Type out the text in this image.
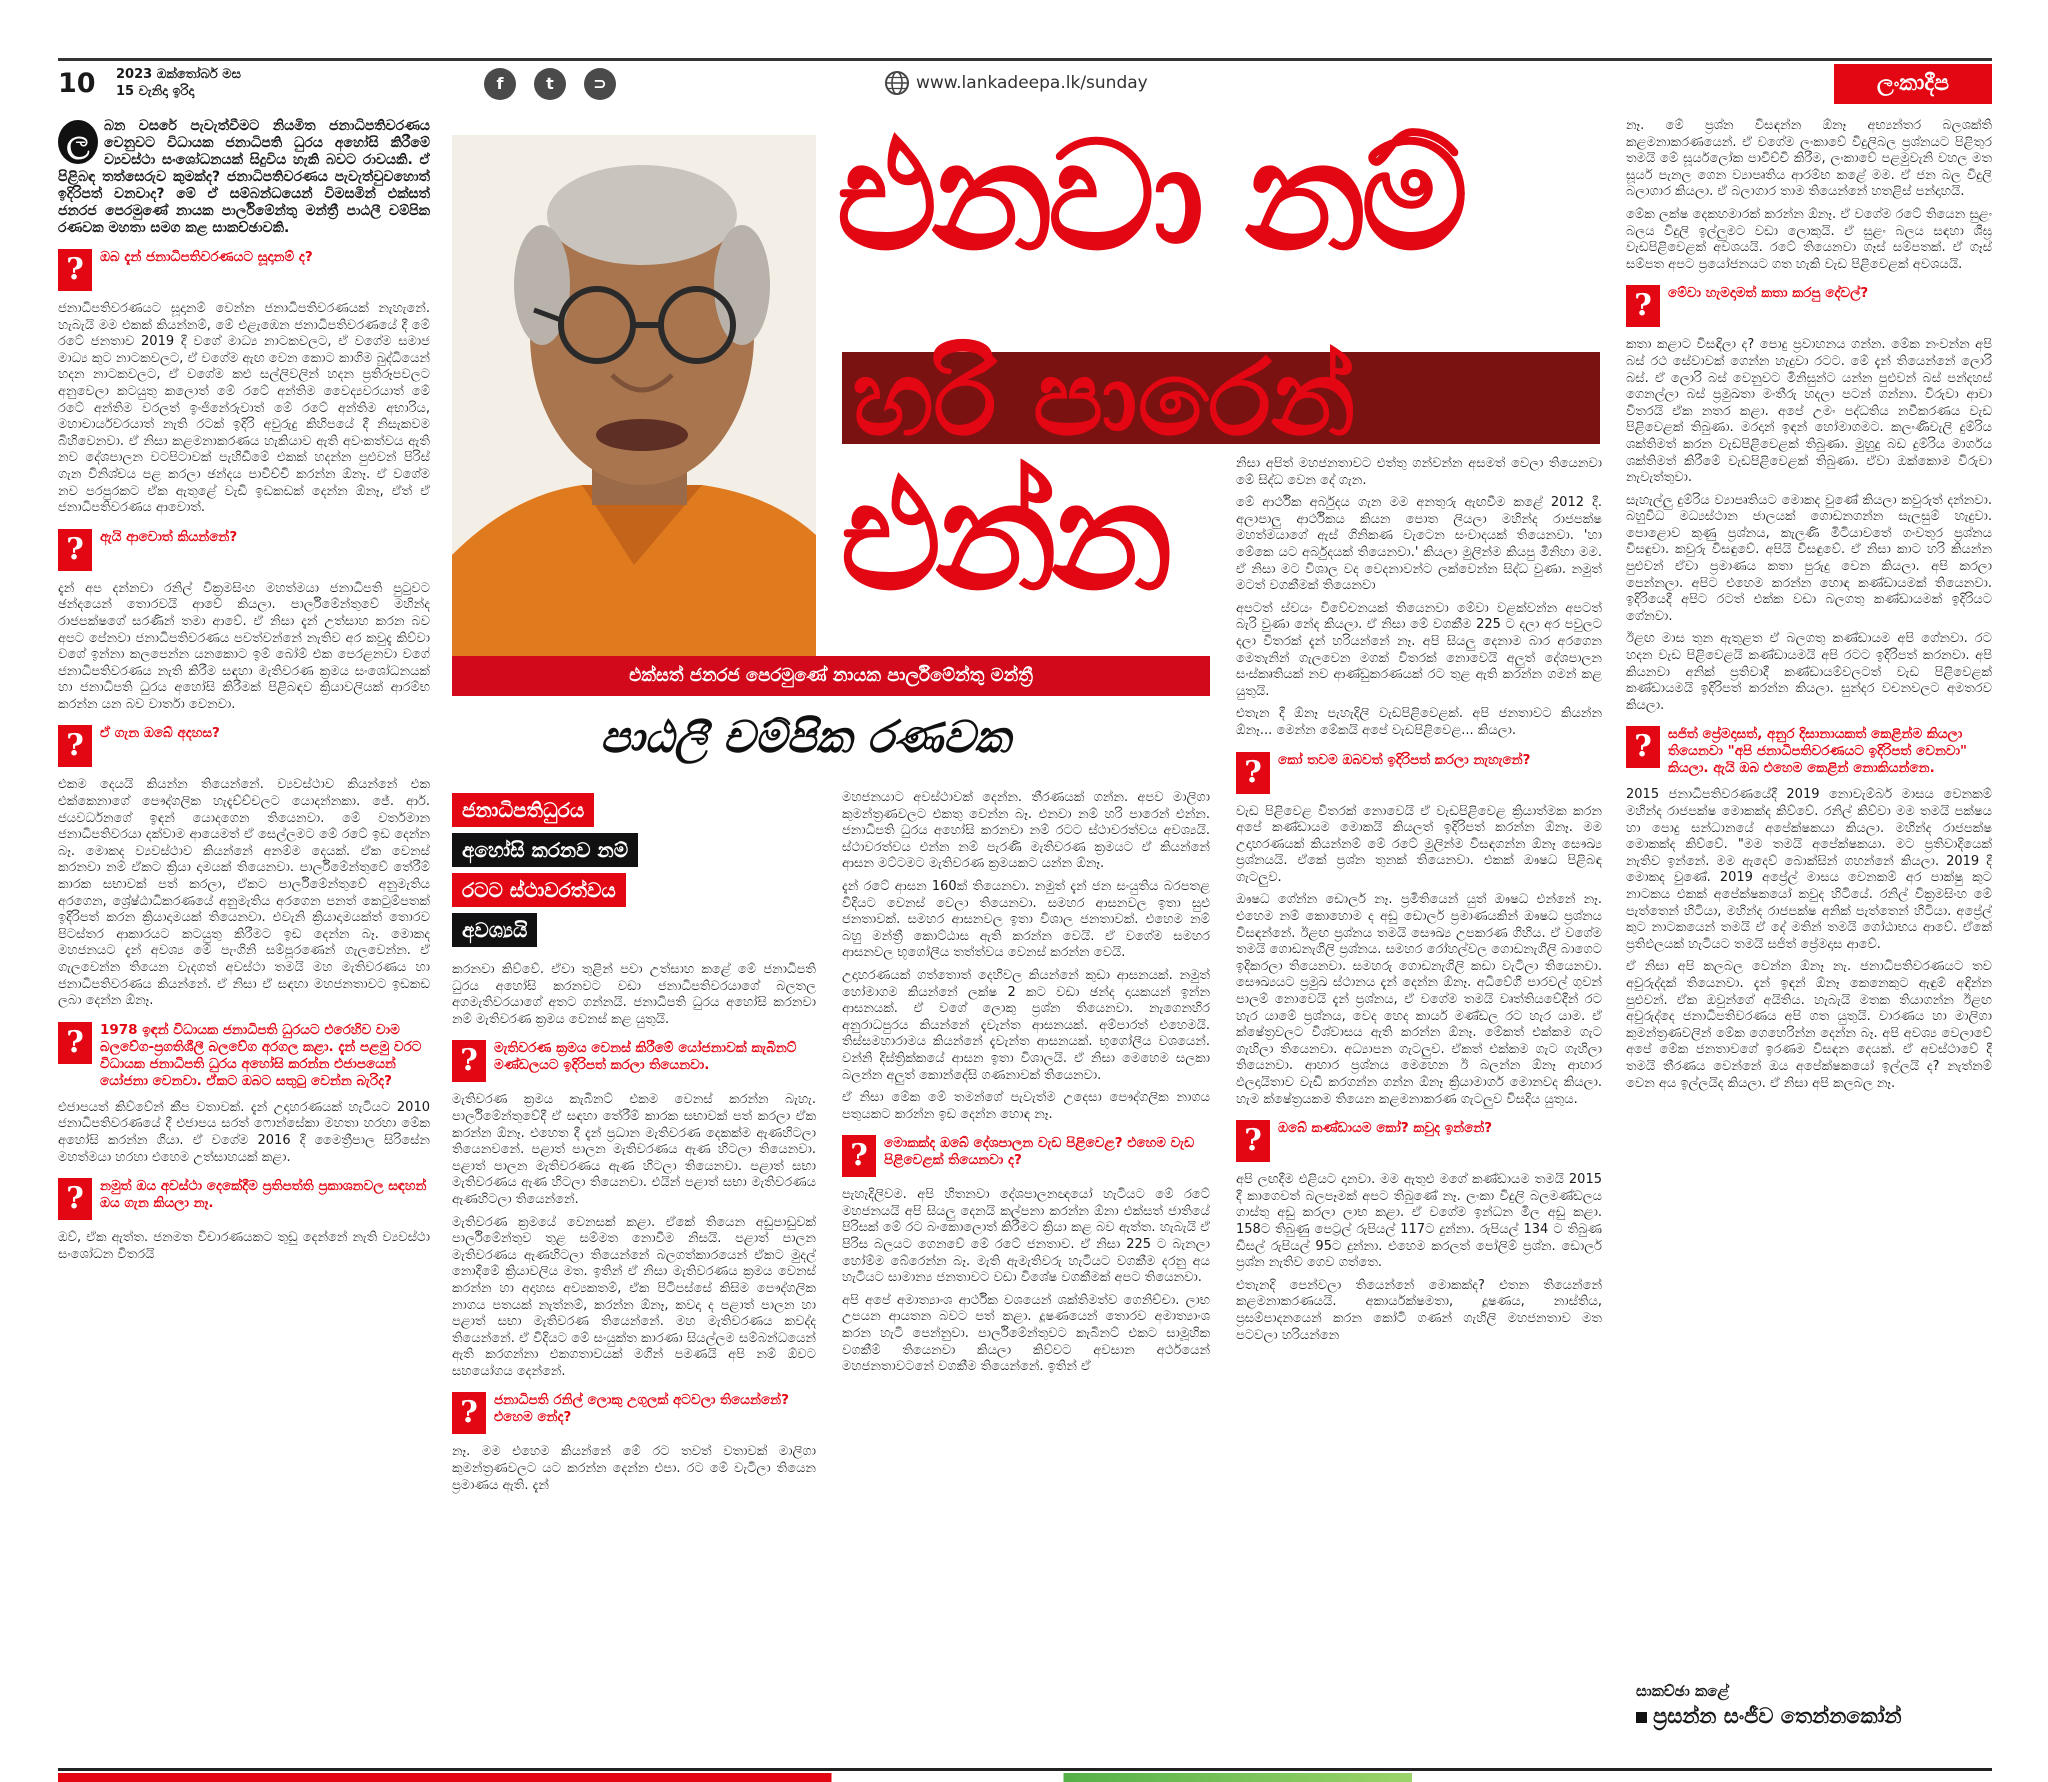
10 2023 ඔක්තෝබර් මස
15 වැනිදා ඉරිදා	f	t	⊃	www.lankadeepa.lk/sunday	ලංකාදීප

ල	බන වසරේ පැවැත්වීමට නියමිත ජනාධිපතිවරණය වෙනුවට විධායක ජනාධිපති ධුරය අහෝසි කිරීමේ ව්‍යවස්ථා සංශෝධනයක් සිදුවිය හැකි බවට රාවයකි. ඒ පිළිබඳ තත්සෙරුව කුමක්ද? ජනාධිපතිවරණය පැවැත්වුවහොත් ඉදිරිපත් වනවාද? මේ ඒ සම්බන්ධයෙන් විමසමින් එක්සත් ජනරජ පෙරමුණේ නායක පාර්ලිමේන්තු මන්ත්‍රී පාඨලී චම්පික රණවක මහතා සමග කළ සාකච්ඡාවකි.

?	ඔබ දැන් ජනාධිපතිවරණයට සූදානම් ද?

ජනාධිපතිවරණයට සූදානම් වෙන්න ජනාධිපතිවරණයක් නැහැනේ. හැබැයි මම එකක් කියන්නම්, මේ එළැඹෙන ජනාධිපතිවරණයේ දී මේ රටේ ජනතාව 2019 දී වගේ මාධ්‍ය නාටකවලට, ඒ වගේම සමාජ මාධ්‍ය කුට නාටකවලට, ඒ වගේම ඇඟ වෙන කොට කාගිම බුද්ධියෙන් හදන නාටකවලට, ඒ වගේම කළු සල්ලිවලින් හදන ප්‍රතිරූපවලට අනුවෙලා කටයුතු කලොත් මේ රටේ අන්තිම වෛද්‍යවරයාත් මේ රටේ අන්තිම වරලත් ඉංජිනේරුවාත් මේ රටේ අන්තිම අභාරිය, මහාචාර්යවරයාත් නැති රටක් ඉදිරි අවුරුදු කිහිපයේ දී නිසැකවම බිහිවෙනවා. ඒ නිසා කළමනාකරණය හැකියාව ඇති අවංකත්වය ඇති නව දේශපාලන වටපිටාවක් පැහිඩීමේ එකක් හදන්න පුළුවන් පිරිස් ගැන විනිශ්චය පළ කරලා ඡන්දය පාවිච්චි කරන්න ඕනෑ. ඒ වගේම නව පරපුරකට ඒක ඇතුළේ වැඩි ඉඩකඩක් දෙන්න ඕනෑ, ඒත් ඒ ජනාධිපතිවරණය ආවොත්.

?	ඇයි ආවොත් කියන්නේ?

දැන් අප දන්නවා රනිල් වික්‍රමසිංහ මහත්මයා ජනාධිපති පුටුවට ඡන්දයෙන් තොරවයි ආවේ කියලා. පාර්ලිමේන්තුවේ මහින්ද රාජපක්ෂගේ සරණින් තමා ආවේ. ඒ නිසා දැන් උත්සාහ කරන බව අපට පේනවා ජනාධිපතිවරණය පවත්වන්නේ නැතිව අර කවුදැ කිව්වා වගේ ඉන්නා කලපෙන්න යනකොට ඉම් බෝම් එක පෙරළනවා වගේ ජනාධිපතිවරණය නැති කිරීම සඳහා මැතිවරණ ක්‍රමය සංශෝධනයක් හා ජනාධිපති ධුරය අහෝසි කිරීමක් පිළිබඳව ක්‍රියාවලියක් ආරම්භ කරන්න යන බව වාර්තා වෙනවා.

?	ඒ ගැන ඔබේ අදහස?

එකම දෙයයි කියන්න තියෙන්නේ. ව්‍යවස්ථාව කියන්නේ එක එක්කෙනාගේ පෞද්ගලික හැදැච්ච්චලට යොදන්නකා. ජේ. ආර්. ජයවර්ධනගේ ඉඳන් යොදගෙන තියෙනවා. මේ වර්තමාන ජනාධිපතිවරයා දක්වාම ආයෙමත් ඒ සෙල්ලමට මේ රටේ ඉඩ දෙන්න බෑ. මොකද ව්‍යවස්ථාව කියන්නේ අනම්ම දෙයක්. ඒක වෙනස් කරනවා නම් ඒකට ක්‍රියා දාමයක් තියෙනවා. පාර්ලිමේන්තුවේ තේරීම් කාරක සභාවක් පත් කරලා, ඒකට පාර්ලිමේන්තුවේ අනුමැතිය අරගෙන, ශ්‍රේෂ්ඨාධිකරණයේ අනුමැතිය අරගෙන පනත් කෙටුම්පතක් ඉදිරිපත් කරන ක්‍රියාදාමයක් තියෙනවා. එවැනි ක්‍රියාදාමයක්ත් තොරව පිටස්තර ආකාරයට කටයුතු කිරීමට ඉඩ දෙන්න බෑ. මොකද මහජනයට දැන් අවශ්‍ය මේ පැංගිනි සම්පූරණෙන් ගැලවෙන්න. ඒ ගැලවෙන්න තියෙන වැදගත් අවස්ථා තමයි මහ මැතිවරණය හා ජනාධිපතිවරණය කියන්නේ. ඒ නිසා ඒ සඳහා මහජනතාවට ඉඩකඩ ලබා දෙන්න ඕනෑ.

?	1978 ඉඳන් විධායක ජනාධිපති ධුරයට එරෙහිව වාම බලවේග-ප්‍රගතිශීලී බලවේග අරගල කළා. දැන් පළමු වරට විධායක ජනාධිපති ධුරය අහෝසි කරන්න එජාපයෙන් යෝජනා වෙනවා. ඒකට ඔබට සතුටු වෙන්න බැරිද?

එජාපයත් කිව්වේන් කීප වතාවක්. දැන් උදාහරණයක් හැටියට 2010 ජනාධිපතිවරණයේ දී එජාපය සරත් ෆොන්සේකා මහතා හරහා මේක අහෝසි කරන්න ගියා. ඒ වගේම 2016 දී මෛත්‍රීපාල සිරිසේන මහත්මයා හරහා එහෙම උත්සාහයක් කළා.

?	නමුත් ඔය අවස්ථා දෙකේදීම ප්‍රතිපත්ති ප්‍රකාශනවල සඳහන් ඔය ගැන කියලා නෑ.

ඔව්, ඒක ඇත්ත. ජනමත විචාරණයකට තුඩු දෙන්නේ නැති ව්‍යවස්ථා සංශෝධන විතරයි

එනවා නම්
හරි පාරෙන්
එන්න
එක්සත් ජනරජ පෙරමුණේ නායක පාර්ලිමේන්තු මන්ත්‍රී
පාඨලී චම්පික රණවක
ජනාධිපතිධුරය
අහෝසි කරනව නම්
රටට ස්ථාවරත්වය
අවශ්‍යයි

කරනවා කිව්වේ. ඒවා තුළින් පවා උත්සාහ කළේ මේ ජනාධිපති ධුරය අහෝසි කරනවට වඩා ජනාධිපතිවරයාගේ බලතල අගමැතිවරයාගේ අතට ගන්නයි. ජනාධිපති ධුරය අහෝසි කරනවා නම් මැතිවරණ ක්‍රමය වෙනස් කළ යුතුයි.

?	මැතිවරණ ක්‍රමය වෙනස් කිරීමේ යෝජනාවක් කැබිනට් මණ්ඩලයට ඉදිරිපත් කරලා තියෙනවා.

මැතිවරණ ක්‍රමය කැබිනට් එකම වෙනස් කරන්න බැහැ. පාර්ලිමේන්තුවේදී ඒ සඳහා තේරීම් කාරක සභාවක් පත් කරලා ඒක කරන්න ඕනෑ. එහෙත දී දැන් ප්‍රධාන මැතිවරණ දෙකක්ම ඇණහිටලා තියෙනවනේ. පළාත් පාලන මැතිවරණය ඇණ හිටලා තියෙනවා. පළාත් පාලන මැතිවරණය ඇණ හිටලා තියෙනවා. පළාත් සභා මැතිවරණය ඇණ හිටලා තියෙනවා. එයින් පළාත් සභා මැතිවරණය ඇණහිටලා තියෙන්නේ.

මැතිවරණ ක්‍රමයේ වෙනසක් කළා. ඒකේ තියෙන අඩුපාඩුවක් පාර්ලිමේන්තුව තුළ සම්මත නොවීම නිසයි. පළාත් පාලන මැතිවරණය ඇණහිටලා තියෙන්නේ බලගත්කාරයෙන් ඒකට මුදල් නොදීමේ ක්‍රියාවලිය මත. ඉතින් ඒ නිසා මැතිවරණය ක්‍රමය වෙනස් කරන්න හා අදාහස අව්‍යකතම්, ඒක පිටිපස්සේ කිසිම පෞද්ගලික නාගය පතයක් නැත්නම්, කරන්න ඕනෑ, කවදා ද පළාත් පාලන හා පළාත් සභා මැතිවරණ තියෙන්නේ. මහ මැතිවරණය කවද්ද තියෙන්නේ. ඒ විදියට මේ සංයුක්ත කාරණා සියල්ලම සම්බන්ධයෙන් ඇති කරගන්නා එකගතාවයක් මගින් පමණයි අපි නම් ඕවට සහයෝගය දෙන්නේ.

?	ජනාධිපති රනිල් ලොකු උගුලක් අටවලා තියෙන්නේ? එහෙම නේද?

නෑ. මම එහෙම කියන්නේ මේ රට තවත් වතාවක් මාලිගා කුමන්ත්‍රණවලට යට කරන්න දෙන්න එපා. රට මේ වැටිලා තියෙන ප්‍රමාණය ඇති. දැන්

මහජනයාට අවස්ථාවක් දෙන්න. තීරණයක් ගන්න. අපව මාලිගා කුමන්ත්‍රණවලට එකතු වෙන්න බෑ. එනවා නම් හරි පාරෙන් එන්න. ජනාධිපති ධුරය අහෝසි කරනවා නම් රටට ස්ථාවරත්වය අවශ්‍යයි. ස්ථාවරත්වය එන්න නම් පැරණි මැතිවරණ ක්‍රමයට ඒ කියන්නේ ආසන මට්ටමට මැතිවරණ ක්‍රමයකට යන්න ඕනෑ.

දැන් රටේ ආසන 160ක් තියෙනවා. නමුත් දැන් ජන සංයුතිය බරපතළ විදියට වෙනස් වෙලා තියෙනවා. සමහර ආසනවල ඉතා සුළු ජනතාවක්. සමහර ආසනවල ඉතා විශාල ජනතාවක්. එහෙම නම් බහු මන්ත්‍රී කොට්ඨාස ඇති කරන්න වෙයි. ඒ වගේම සමහර ආසනවල භූගෝලීය තත්ත්වය වෙනස් කරන්න වෙයි.

උදාහරණයක් ගත්තොත් දෙහිවල කියන්නේ කුඩා ආසනයක්. නමුත් හෝමාගම කියන්නේ ලක්ෂ 2 කට වඩා ඡන්ද දායකයන් ඉන්න ආසනයක්. ඒ වගේ ලොකු ප්‍රශ්න තියෙනවා. නැගෙනහිර අනුරාධපුරය කියන්නේ දැවැන්ත ආසනයක්. අම්පාරත් එහෙමයි. තිස්සමහාරාමය කියන්නේ දැවැන්ත ආසනයක්. භූගෝලීය වශයෙන්. වන්නි දිස්ත්‍රික්කයේ ආසන ඉතා විශාලයි. ඒ නිසා මෙහෙම සලකා බලන්න අලුත් කොන්දේසි ගණනාවක් තියෙනවා.

ඒ නිසා මේක මේ තමන්ගේ පැවැත්ම උදෙසා පෞද්ගලික නාගය පතුයකට කරන්න ඉඩ දෙන්න හොඳ නෑ.

?	මොකක්ද ඔබේ දේශපාලන වැඩ පිළිවෙළ? එහෙම වැඩ පිළිවෙළක් තියෙනවා ද?

පැහැදිලිවම. අපි හිතනවා දේශපාලනඥයෝ හැටියට මේ රටේ මහජනයයි අපි සියලු දෙනයි කල්පනා කරන්න ඕනා එක්සත් ජාතියේ පිරිසක් මේ රට බංකොලොත් කිරීමට ක්‍රියා කළ බව ඇත්ත. හැබැයි ඒ පිරිස බලයට ගෙනවේ මේ රටේ ජනතාව. ඒ නිසා 225 ට බැනලා හෝම්ම බේරෙන්න බෑ. මැති ඇමැතිවරු හැටියට වගකීම දරනු අය හැටියට සාමාන්‍ය ජනතාවට වඩා විශේෂ වගකීමක් අපට තියෙනවා.

අපි අපේ අමාත්‍යාංශ ආර්ථික වශයෙන් ශක්තිමත්ව ගෙනිච්චා. ලාභ උපයන ආයතන බවට පත් කළා. දූෂණයෙන් තොරව අමාත්‍යාංශ කරන හැටි පෙන්නුවා. පාර්ලිමේන්තුවට කැබිනට් එකට සාමූහික වගකීම් තියෙනවා කියලා කිව්වට අවසාන අර්ථයෙන් මහජනතාවටනේ වගකීම තියෙන්නේ. ඉතින් ඒ

නිසා අපිත් මහජනතාවට එත්තු ගන්වන්න අසමත් වෙලා තියෙනවා මේ සිද්ධ වෙන දේ ගැන.

මේ ආර්ථික අර්බුදය ගැන මම අනතුරු ඇඟවීම කළේ 2012 දී. අලාපාලු ආර්ථිකය කියන පොත ලියලා මහින්ද රාජපක්ෂ මහත්මයාගේ ඇස් ගිනිකණ වැටෙන සංවාදයක් තියෙනවා. 'හා මේකෙ යට අර්බුදයක් තියෙනවා.' කියලා මුලින්ම කියපු මිනිහා මම. ඒ නිසා මට විශාල වද වෙදනාවන්ට ලක්වෙන්න සිද්ධ වුණා. නමුත් මටත් වගකීමක් තියෙනවා

අපටත් ස්වයං විවේචනයක් තියෙනවා මේවා වළක්වන්න අපටත් බැරි වුණා නේද කියලා. ඒ නිසා මේ වගකීම 225 ට දලා අර පවුලට දලා විතරක් දැන් හරියන්නේ නෑ. අපි සියලු දෙනාම බාර අරගෙන මෙතැනින් ගැලවෙන මගක් විතරක් නොවෙයි අලුත් දේශපාලන සංස්කෘතියක් නව ආණ්ඩුකරණයක් රට තුළ ඇති කරන්න ගමන් කළ යුතුයි.

එතැන දී ඕනෑ පැහැදිලි වැඩපිළිවෙළක්. අපි ජනතාවට කියන්න ඕනෑ... මෙන්න මේකයි අපේ වැඩපිළිවෙළ... කියලා.

?	කෝ තවම ඔබවත් ඉදිරිපත් කරලා නැහැනේ?

වැඩ පිළිවෙළ විතරක් නොවෙයි ඒ වැඩපිළිවෙළ ක්‍රියාත්මක කරන අපේ කණ්ඩායම මොකයි කියලත් ඉදිරිපත් කරන්න ඕනෑ. මම උදාහරණයක් කියන්නම් මේ රටේ මුලින්ම විසඳගන්න ඕනෑ සෞඛ්‍ය ප්‍රශ්නයයි. ඒකේ ප්‍රශ්න තුනක් තියෙනවා. එකක් ඖෂධ පිළිබඳ ගැටලුව.

ඖෂධ ගේන්න ඩොලර් නෑ. ප්‍රමිතියෙන් යුත් ඖෂධ එන්නේ නෑ. එහෙම නම් කොහොම ද අඩු ඩොලර් ප්‍රමාණයකින් ඖෂධ ප්‍රශ්නය විසඳන්නේ. ඊළඟ ප්‍රශ්නය තමයි සෞඛ්‍ය උපකරණ ගිහිය. ඒ වගේම තමයි ගොඩනැගිලි ප්‍රශ්නය. සමහර රෝහල්වල ගොඩනැගිලි බාගෙට ඉදිකරලා තියෙනවා. සමහරු ගොඩනැගිලි කඩා වැටිලා තියෙනවා. සෞඛ්‍යයට ප්‍රමුඛ ස්ථානය දැන් දෙන්න ඕනෑ. අධිවේගී පාරවල් ගුවන් පාලම් නොවෙයි දැන් ප්‍රශ්නය, ඒ වගේම තමයි වෘත්තියවේදීන් රට හැර යාමේ ප්‍රශ්නය, වෙද හෙද කාර්ය මණ්ඩල රට හැර යාම. ඒ ක්ෂේත්‍රවලට විශ්වාසය ඇති කරන්න ඕනෑ. මේකත් එක්කම ගැට ගැහිලා තියෙනවා. අධ්‍යාපන ගැටලුව. ඒකත් එක්කම ගැට ගැහිලා තියෙනවා. ආහාර ප්‍රශ්නය මෙහෙන ඊ බලන්න ඕනෑ ආහාර ඵලදායිතාව වැඩි කරගන්න ගන්න ඕනෑ ක්‍රියාමාර්ග මොනවද කියලා. හැම ක්ෂේත්‍රයකම තියෙන කළමනාකරණ ගැටලුව විසදිය යුතුය.

?	ඔබේ කණ්ඩායම කෝ? කවුද ඉන්නේ?

අපි ලඟදීම එළියට දානවා. මම ඇතුළු මගේ කණ්ඩායම තමයි 2015 දී කාගෙවත් බලපෑමක් අපට තිබුණේ නෑ. ලංකා විදුලි බලමණ්ඩලය ගාස්තු අඩු කරලා ලාභ කළා. ඒ වගේම ඉන්ධන මිල අඩු කළා. 158ට තිබුණු පෙට්‍රල් රුපියල් 117ට දුන්නා. රුපියල් 134 ට තිබුණ ඩීසල් රුපියල් 95ට දුන්නා. එහෙම කරලත් පෝලිම් ප්‍රශ්න. ඩොලර් ප්‍රශ්න නැතිව ගෙව ගත්තෙ.

එතැනදි පෙන්වලා තියෙන්නේ මොකක්ද? එතන තියෙන්නේ කළමනාකරණයයි. අකාර්යක්ෂමතා, දූෂණය, නාස්තිය, ප්‍රසම්පාදනයෙන් කරන කෝටි ගණන් ගැහිලි මහජනතාව මත පටවලා හරියන්නෙ

නෑ. මේ ප්‍රශ්න විසඳන්න ඕනෑ අභ්‍යන්තර බලශක්ති කළමනාකරණයෙන්. ඒ වගේම ලංකාවේ විදුලිබල ප්‍රශ්නයට පිළිතුර තමයි මේ සූර්යලෝක පාවිච්චි කිරීම, ලංකාවේ පළමුවැනි වහල මත සූර්ය පැනල ගෙන ව්‍යාපෘතිය ආරම්භ කළේ මම. ඒ ජන බල විදුලි බලාගාර කියලා. ඒ බලාගාර තාම තියෙන්නේ හතළිස් පන්දාහයි.

මේක ලක්ෂ දෙකහමාරක් කරන්න ඕනෑ. ඒ වගේම රටේ තියෙන සුළං බලය විදුලි ඉල්ලුමට වඩා ලොකුයි. ඒ සුළං බලය සඳහා ශීඝ්‍ර වැඩපිළිවෙළක් අවශයයි. රටේ තියෙනවා ගෑස් සම්පතක්. ඒ ගෑස් සම්පත අපට ප්‍රයෝජනයට ගත හැකි වැඩ පිළිවෙළක් අවශයයි.

?	මේවා හැමදාමත් කතා කරපු දේවල්?

කතා කළාට විසඳිලා ද? පොදු ප්‍රවාහනය ගන්න. මේක නංවන්න අපි බස් රථ සේවාවක් ගෙන්න හැදුවා රටට. මේ දැන් තියෙන්නේ ලොරි බස්. ඒ ලොරි බස් වෙනුවට මිනිසුන්ට යන්න පුළුවන් බස් පන්දහස් ගෙනල්ලා බස් ප්‍රමුඛතා මංතීරු හදලා පටන් ගන්නා. විරුවා ආවා විතරයි ඒක නතර කළා. අපේ උමං පද්ධතිය නවීකරණය වැඩ පිළිවෙළක් තිබුණා. මරදාන් ඉඳන් හෝමාගමට. කලංණිවැලි දුම්රිය ශක්තිමත් කරන වැඩපිළිවෙළක් තිබුණා. මුහුදු බඩ දුම්රිය මාර්ගය ශක්තිමත් කිරීමේ වැඩපිළිවෙළක් තිබුණා. ඒවා ඔක්කොම විරුවා නැවැත්තුවා.

සැහැල්ලු දුම්රිය ව්‍යාපෘතියට මොකද වුණේ කියලා කවුරුත් දන්නවා. බහුවිධ මධ්‍යස්ථාන ජාලයක් ගොඩනගන්න සැලසුම් හැදුවා. පොළොව කුණු ප්‍රශ්නය, කැලණි මිටියාවතේ ගංවතුර ප්‍රශ්නය විසඳුවා. කවුරු විසඳුවේ. අපියි විසඳුවේ. ඒ නිසා කාට හරි කියන්න පුළුවන් ඒවා ප්‍රමාණය කතා පුරුදු වෙන කියලා. අපි කරලා පෙන්නලා. අපිට එහෙම කරන්න හොඳ කණ්ඩායමක් තියෙනවා. ඉදිරියෙදී අපිට රටත් එක්ක වඩා බලගතු කණ්ඩායමක් ඉදිරියට ගේනවා.

ඊළඟ මාස තුන ඇතුළත ඒ බලගතු කණ්ඩායම අපි ගේනවා. රට හදන වැඩ පිළිවෙළයි කණ්ඩායමයි අපි රටට ඉදිරිපත් කරනවා. අපි කියනවා අනික් ප්‍රතිවාදී කණ්ඩායම්වලටත් වැඩ පිළිවෙළක් කණ්ඩායමයි ඉදිරිපත් කරන්න කියලා. සුන්දර වචනවලට අමතරව කියලා.

?	සජිත් ප්‍රේමදාසත්, අනුර දිසානායකත් කෙළින්ම කියලා තියෙනවා "අපි ජනාධිපතිවරණයට ඉදිරිපත් වෙනවා" කියලා. ඇයි ඔබ එහෙම කෙළින් නොකියන්නෙ.

2015 ජනාධිපතිවරණයේදී 2019 නොවැම්බර් මාසය වෙනකම් මහින්ද රාජපක්ෂ මොකක්ද කිව්වේ. රනිල් කිව්වා මම තමයි පක්ෂය හා පොදු සන්ධානයේ අපේක්ෂකයා කියලා. මහින්ද රාජපක්ෂ මොකක්ද කිව්වේ. "මම තමයි අපේක්ෂකයා. මට ප්‍රතිවාදියෙක් නැතිව ඉන්නේ. මම ඇදෙව් බොක්සින් ගහන්නේ කියලා. 2019 දී මොකද වුණේ. 2019 අප්‍රේල් මාසය වෙනකම් අර පාක්ෂු කුට නාටකය එකක් අපේක්ෂකයෝ කවුද හිටියේ. රනිල් වික්‍රමසිංහ මේ පැත්තෙන් හිටියා, මහින්ද රාජපක්ෂ අනික් පැත්තෙන් හිටියා. අප්‍රේල් කුට නාටකයෙන් තමයි ඒ දේ මතින් තමයි ගෝඨාභය ආවේ. ඒකේ ප්‍රතිඵලයක් හැටියට තමයි සජිත් ප්‍රේමදාස ආවේ.

ඒ නිසා අපි කලබල වෙන්න ඕනෑ නැ. ජනාධිපතිවරණයට තව අවුරුද්දක් තියෙනවා. දැන් ඉඳන් ඕනෑ කෙනෙකුට ඇඳුම් අඳින්න පුළුවන්. ඒක ඔවුන්ගේ අයිතිය. හැබැයි මතක තියාගන්න ඊළඟ අවුරුද්දෙ ජනාධිපතිවරණය අපි ගත යුතුයි. වාරණය හා මාලිගා කුමන්ත්‍රණවලින් මේක ගෙහෙරින්න දෙන්න බෑ. අපි අවශ්‍ය වෙලාවේ අපේ මේක ජනතාවගේ ඉරණම විසඳන දෙයක්. ඒ අවස්ථාවේ දී තමයි තීරණය වෙන්නේ ඔය අපේක්ෂකයෝ ඉල්ලයි ද? නැත්නම් වෙන අය ඉල්ලයිද කියලා. ඒ නිසා අපි කලබල නෑ.

සාකච්ඡා කළේ
ප්‍රසන්න සංජීව තෙන්නකෝන්
